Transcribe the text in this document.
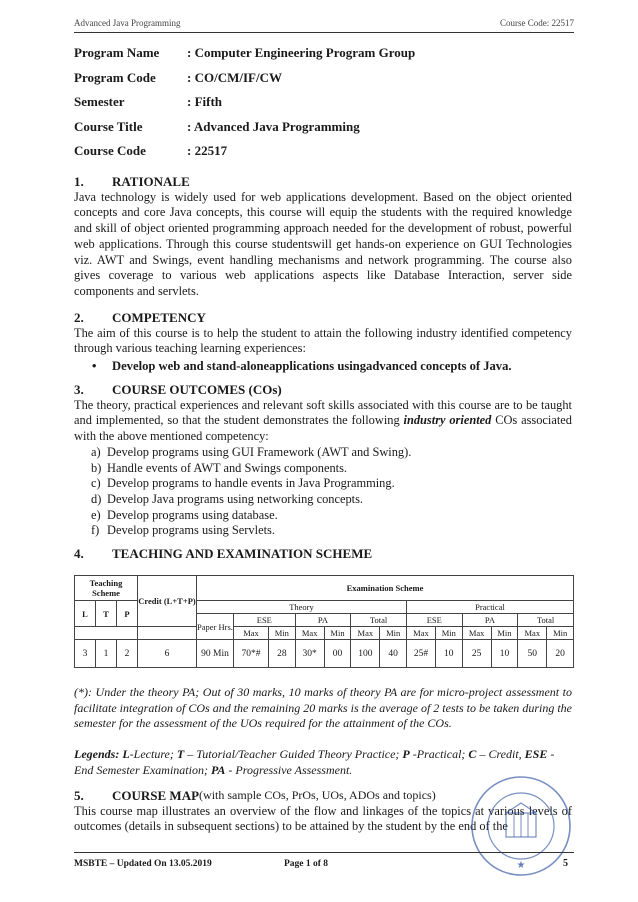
Advanced Java Programming	Course Code: 22517
Program Name	: Computer Engineering Program Group
Program Code	: CO/CM/IF/CW
Semester	: Fifth
Course Title	: Advanced Java Programming
Course Code	: 22517
1.	RATIONALE

Java technology is widely used for web applications development. Based on the object oriented concepts and core Java concepts, this course will equip the students with the required knowledge and skill of object oriented programming approach needed for the development of robust, powerful web applications. Through this course studentswill get hands-on experience on GUI Technologies viz. AWT and Swings, event handling mechanisms and network programming. The course also gives coverage to various web applications aspects like Database Interaction, server side components and servlets.

2.	COMPETENCY

The aim of this course is to help the student to attain the following industry identified competency through various teaching learning experiences:

•	Develop web and stand-aloneapplications usingadvanced concepts of Java.
3.	COURSE OUTCOMES (COs)

The theory, practical experiences and relevant soft skills associated with this course are to be taught and implemented, so that the student demonstrates the following industry oriented COs associated with the above mentioned competency:

a) Develop programs using GUI Framework (AWT and Swing).
b) Handle events of AWT and Swings components.
c) Develop programs to handle events in Java Programming.
d) Develop Java programs using networking concepts.
e) Develop programs using database.
f) Develop programs using Servlets.
4.	TEACHING AND EXAMINATION SCHEME
Teaching Scheme			Credit (L+T+P)	Examination Scheme												
L	T	P		Theory							Practical					
				Paper Hrs.	ESE		PA		Total		ESE		PA		Total	
					Max	Min	Max	Min	Max	Min	Max	Min	Max	Min	Max	Min
3	1	2	6	90 Min	70*#	28	30*	00	100	40	25#	10	25	10	50	20
(*): Under the theory PA; Out of 30 marks, 10 marks of theory PA are for micro-project assessment to facilitate integration of COs and the remaining 20 marks is the average of 2 tests to be taken during the semester for the assessment of the UOs required for the attainment of the COs.
Legends: L-Lecture; T – Tutorial/Teacher Guided Theory Practice; P -Practical; C – Credit, ESE -End Semester Examination; PA - Progressive Assessment.
5.	COURSE MAP (with sample COs, PrOs, UOs, ADOs and topics)

This course map illustrates an overview of the flow and linkages of the topics at various levels of outcomes (details in subsequent sections) to be attained by the student by the end of the

★
MSBTE – Updated On 13.05.2019	Page 1 of 8	5
